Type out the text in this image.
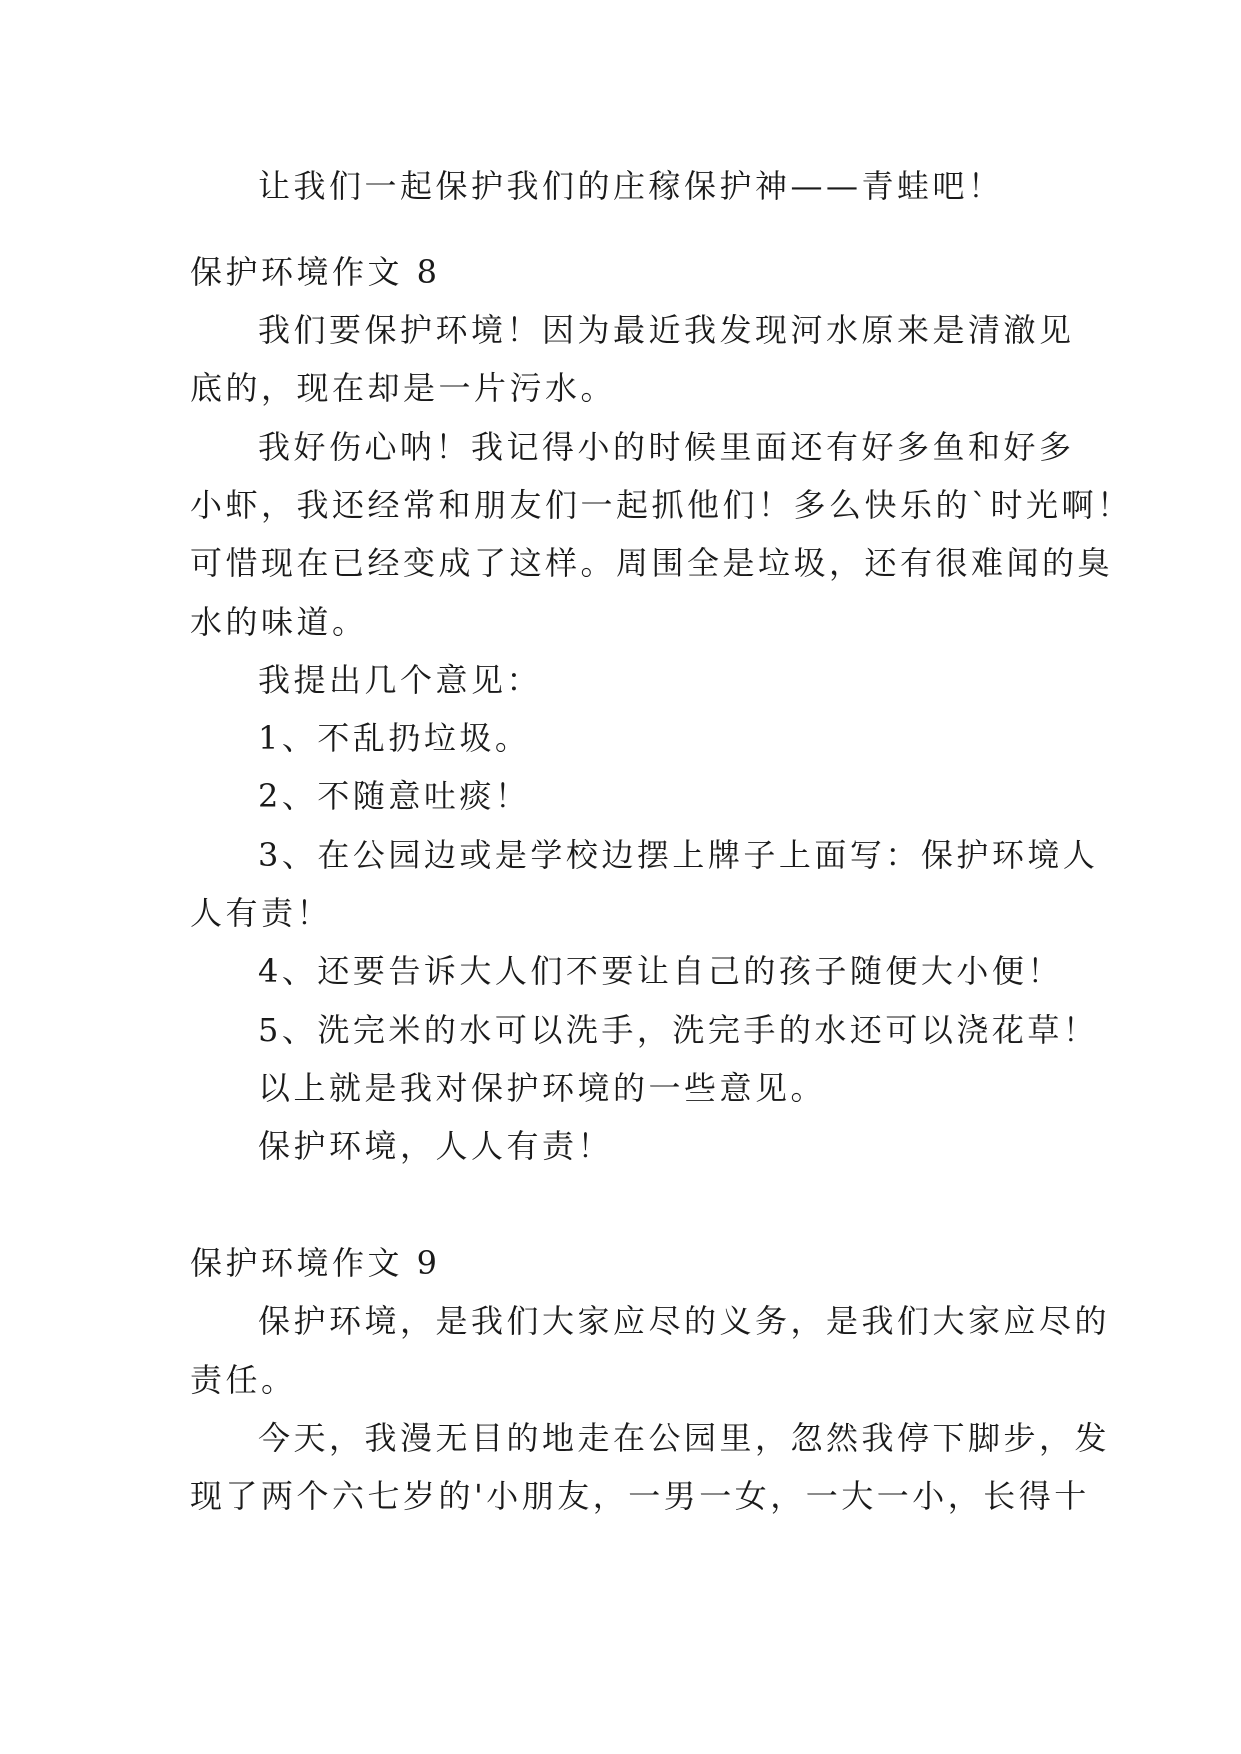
让我们一起保护我们的庄稼保护神——青蛙吧！
保护环境作文 8
我们要保护环境！因为最近我发现河水原来是清澈见
底的，现在却是一片污水。
我好伤心呐！我记得小的时候里面还有好多鱼和好多
小虾，我还经常和朋友们一起抓他们！多么快乐的`时光啊！
可惜现在已经变成了这样。周围全是垃圾，还有很难闻的臭
水的味道。
我提出几个意见：
1、不乱扔垃圾。
2、不随意吐痰！
3、在公园边或是学校边摆上牌子上面写：保护环境人
人有责！
4、还要告诉大人们不要让自己的孩子随便大小便！
5、洗完米的水可以洗手，洗完手的水还可以浇花草！
以上就是我对保护环境的一些意见。
保护环境，人人有责！
保护环境作文 9
保护环境，是我们大家应尽的义务，是我们大家应尽的
责任。
今天，我漫无目的地走在公园里，忽然我停下脚步，发
现了两个六七岁的'小朋友，一男一女，一大一小，长得十
